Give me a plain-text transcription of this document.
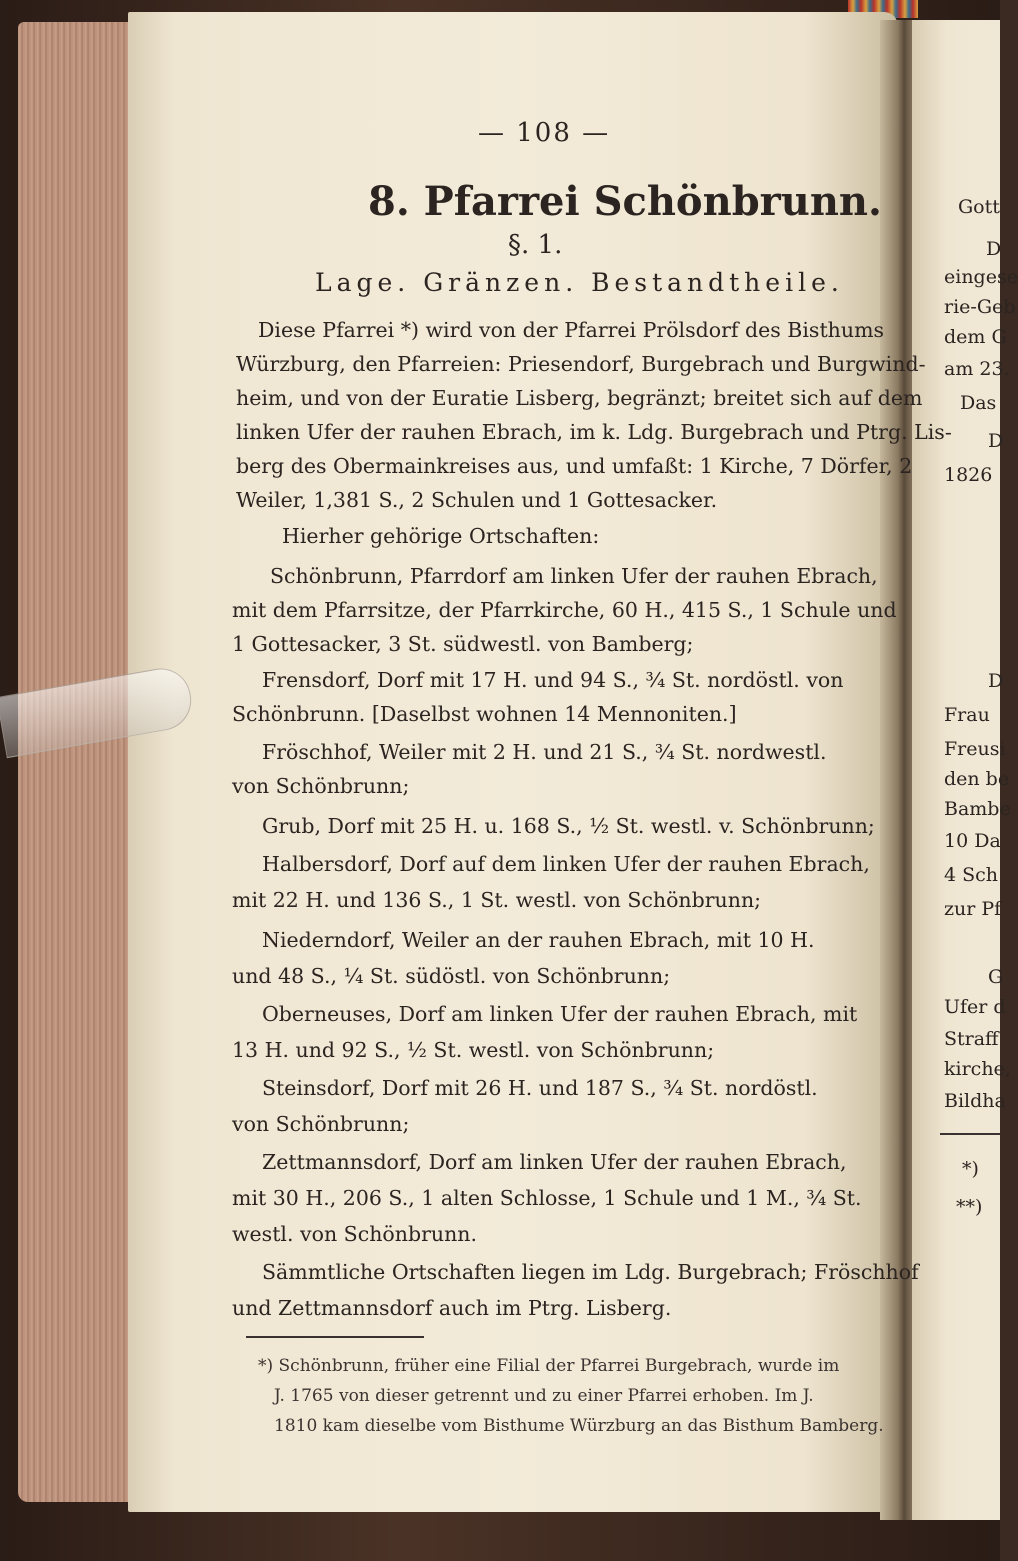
— 108 —
8. Pfarrei Schönbrunn.
§. 1.
Lage. Gränzen. Bestandtheile.
Diese Pfarrei *) wird von der Pfarrei Prölsdorf des Bisthums
Würzburg, den Pfarreien: Priesendorf, Burgebrach und Burgwind-
heim, und von der Euratie Lisberg, begränzt; breitet sich auf dem
linken Ufer der rauhen Ebrach, im k. Ldg. Burgebrach und Ptrg. Lis-
berg des Obermainkreises aus, und umfaßt: 1 Kirche, 7 Dörfer, 2
Weiler, 1,381 S., 2 Schulen und 1 Gottesacker.
Hierher gehörige Ortschaften:
Schönbrunn, Pfarrdorf am linken Ufer der rauhen Ebrach,
mit dem Pfarrsitze, der Pfarrkirche, 60 H., 415 S., 1 Schule und
1 Gottesacker, 3 St. südwestl. von Bamberg;
Frensdorf, Dorf mit 17 H. und 94 S., ¾ St. nordöstl. von
Schönbrunn. [Daselbst wohnen 14 Mennoniten.]
Fröschhof, Weiler mit 2 H. und 21 S., ¾ St. nordwestl.
von Schönbrunn;
Grub, Dorf mit 25 H. u. 168 S., ½ St. westl. v. Schönbrunn;
Halbersdorf, Dorf auf dem linken Ufer der rauhen Ebrach,
mit 22 H. und 136 S., 1 St. westl. von Schönbrunn;
Niederndorf, Weiler an der rauhen Ebrach, mit 10 H.
und 48 S., ¼ St. südöstl. von Schönbrunn;
Oberneuses, Dorf am linken Ufer der rauhen Ebrach, mit
13 H. und 92 S., ½ St. westl. von Schönbrunn;
Steinsdorf, Dorf mit 26 H. und 187 S., ¾ St. nordöstl.
von Schönbrunn;
Zettmannsdorf, Dorf am linken Ufer der rauhen Ebrach,
mit 30 H., 206 S., 1 alten Schlosse, 1 Schule und 1 M., ¾ St.
westl. von Schönbrunn.
Sämmtliche Ortschaften liegen im Ldg. Burgebrach; Fröschhof
und Zettmannsdorf auch im Ptrg. Lisberg.
*) Schönbrunn, früher eine Filial der Pfarrei Burgebrach, wurde im
J. 1765 von dieser getrennt und zu einer Pfarrei erhoben. Im J.
1810 kam dieselbe vom Bisthume Würzburg an das Bisthum Bamberg.
Gott
D
eingese
rie-Geb
dem G
am 23.
Das
D
1826
D
Frau
Freusi
den be
Bambe
10 Da
4 Sch
zur Pf
G
Ufer d
Straff
kirche,
Bildha
*)
**)
